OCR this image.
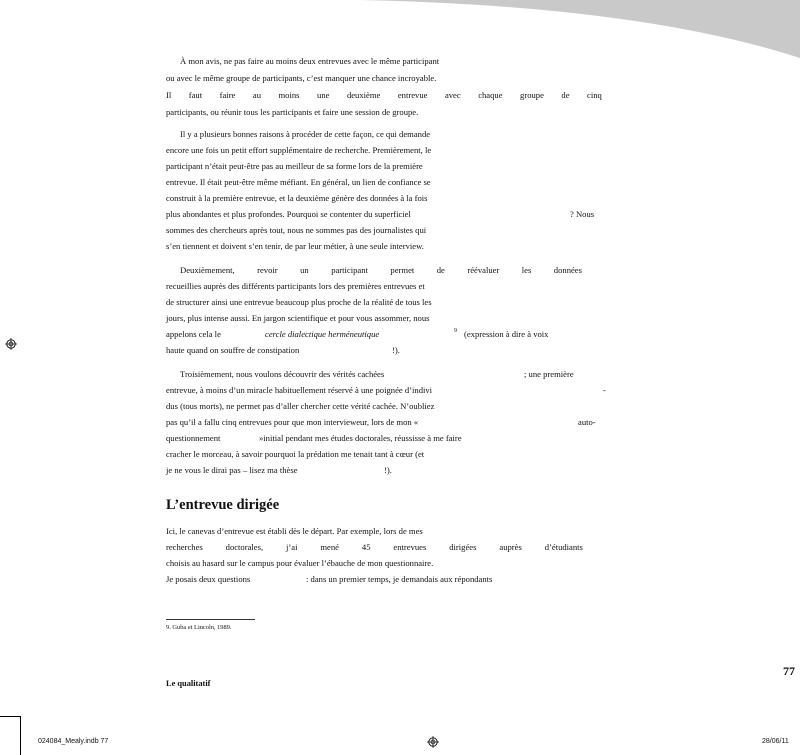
À mon avis, ne pas faire au moins deux entrevues avec le même participant
ou avec le même groupe de participants, c’est manquer une chance incroyable.
Il faut faire au moins une deuxième entrevue avec chaque groupe de cinq
participants, ou réunir tous les participants et faire une session de groupe.
Il y a plusieurs bonnes raisons à procéder de cette façon, ce qui demande
encore une fois un petit effort supplémentaire de recherche. Premièrement, le
participant n’était peut-être pas au meilleur de sa forme lors de la première
entrevue. Il était peut-être même méfiant. En général, un lien de confiance se
construit à la première entrevue, et la deuxième génère des données à la fois
plus abondantes et plus profondes. Pourquoi se contenter du superficiel	? Nous
sommes des chercheurs après tout, nous ne sommes pas des journalistes qui
s’en tiennent et doivent s’en tenir, de par leur métier, à une seule interview.
Deuxièmement,	revoir	un	participant	permet	de	réévaluer	les	données
recueillies auprès des différents participants lors des premières entrevues et
de structurer ainsi une entrevue beaucoup plus proche de la réalité de tous les
jours, plus intense aussi. En jargon scientifique et pour vous assommer, nous
appelons cela le	cercle dialectique herméneutique	9 (expression à dire à voix
haute quand on souffre de constipation	!).
Troisièmement, nous voulons découvrir des vérités cachées	; une première
entrevue, à moins d’un miracle habituellement réservé à une poignée d’indivi	-
dus (tous morts), ne permet pas d’aller chercher cette vérité cachée. N’oubliez
pas qu’il a fallu cinq entrevues pour que mon intervieweur, lors de mon «	auto-
questionnement	»initial pendant mes études doctorales, réussisse à me faire
cracher le morceau, à savoir pourquoi la prédation me tenait tant à cœur (et
je ne vous le dirai pas – lisez ma thèse	!).
L’entrevue dirigée
Ici, le canevas d’entrevue est établi dès le départ. Par exemple, lors de mes
recherches	doctorales,	j’ai	mené	45	entrevues	dirigées	auprès	d’étudiants
choisis au hasard sur le campus pour évaluer l’ébauche de mon questionnaire.
Je posais deux questions	: dans un premier temps, je demandais aux répondants
9. Guba et Lincoln, 1989.
77
Le qualitatif
024084_Mealy.indb 77	28/06/11
